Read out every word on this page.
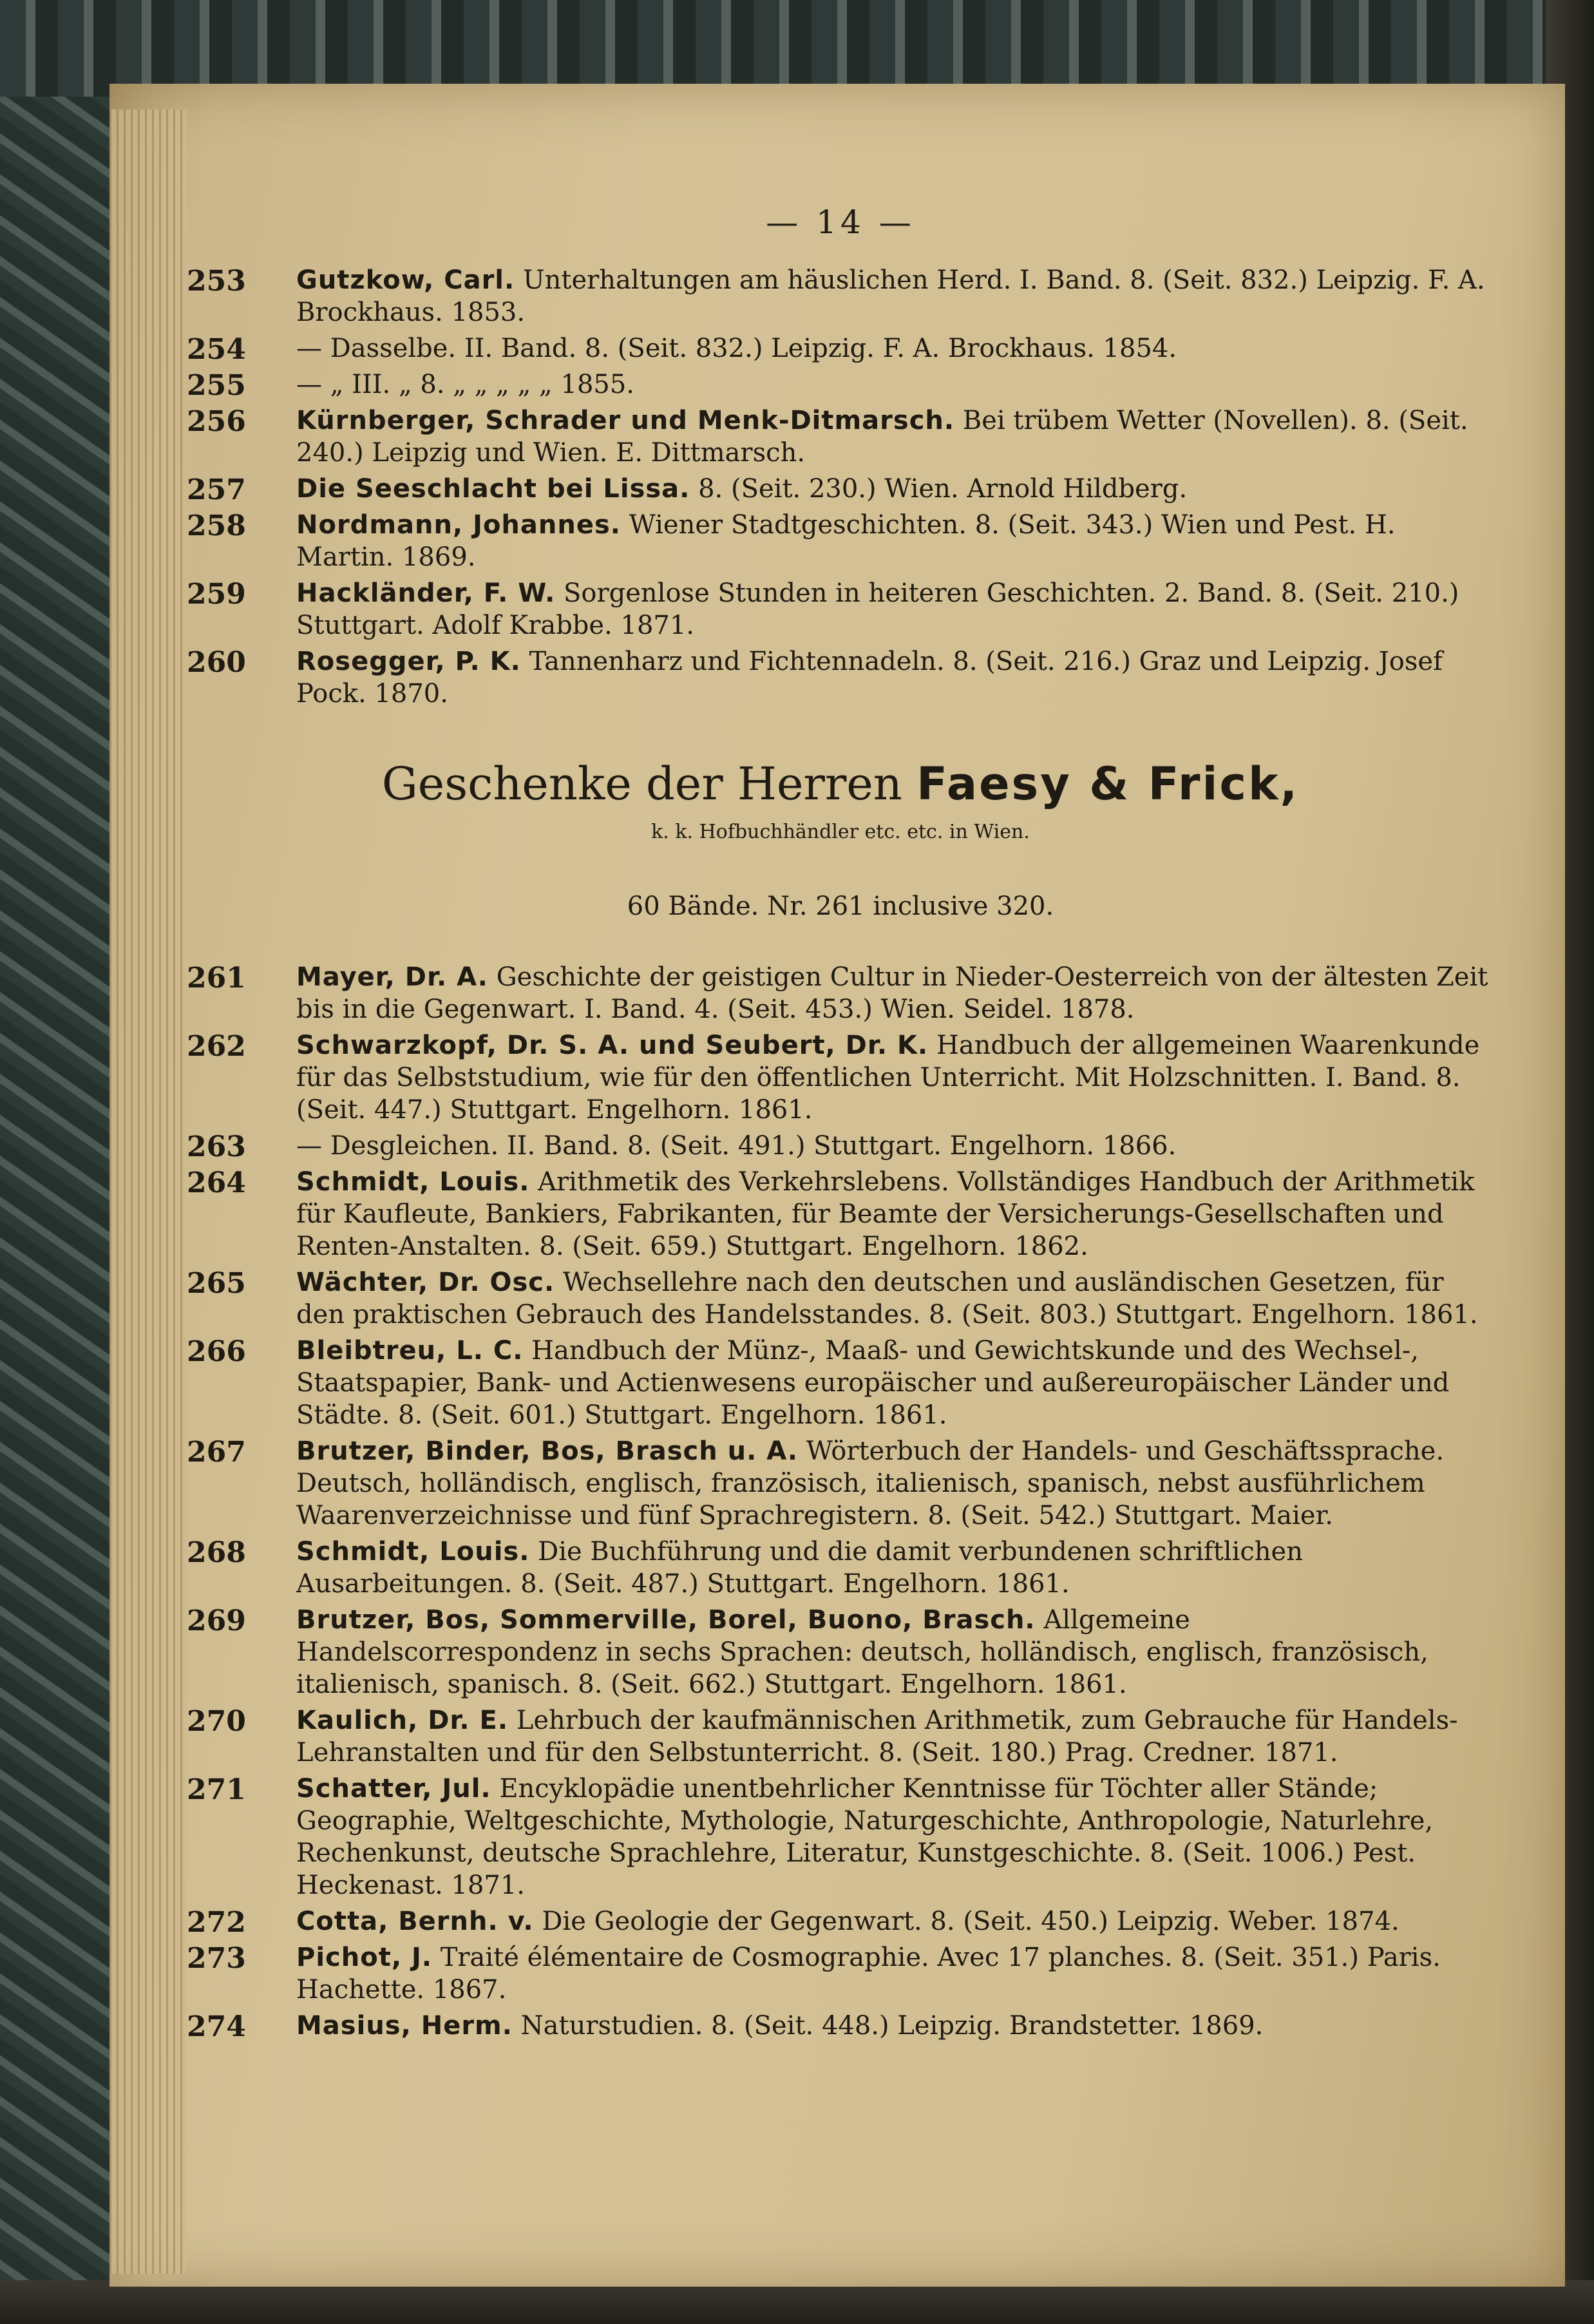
— 14 —
253	Gutzkow, Carl. Unterhaltungen am häuslichen Herd. I. Band. 8. (Seit. 832.) Leipzig. F. A. Brockhaus. 1853.
254	— Dasselbe. II. Band. 8. (Seit. 832.) Leipzig. F. A. Brockhaus. 1854.
255	— „ III. „ 8. „ „ „ „ „ 1855.
256	Kürnberger, Schrader und Menk-Ditmarsch. Bei trübem Wetter (Novellen). 8. (Seit. 240.) Leipzig und Wien. E. Dittmarsch.
257	Die Seeschlacht bei Lissa. 8. (Seit. 230.) Wien. Arnold Hildberg.
258	Nordmann, Johannes. Wiener Stadtgeschichten. 8. (Seit. 343.) Wien und Pest. H. Martin. 1869.
259	Hackländer, F. W. Sorgenlose Stunden in heiteren Geschichten. 2. Band. 8. (Seit. 210.) Stuttgart. Adolf Krabbe. 1871.
260	Rosegger, P. K. Tannenharz und Fichtennadeln. 8. (Seit. 216.) Graz und Leipzig. Josef Pock. 1870.
Geschenke der Herren Faesy & Frick,
k. k. Hofbuchhändler etc. etc. in Wien.
60 Bände. Nr. 261 inclusive 320.
261	Mayer, Dr. A. Geschichte der geistigen Cultur in Nieder-Oesterreich von der ältesten Zeit bis in die Gegenwart. I. Band. 4. (Seit. 453.) Wien. Seidel. 1878.
262	Schwarzkopf, Dr. S. A. und Seubert, Dr. K. Handbuch der allgemeinen Waarenkunde für das Selbststudium, wie für den öffentlichen Unterricht. Mit Holzschnitten. I. Band. 8. (Seit. 447.) Stuttgart. Engelhorn. 1861.
263	— Desgleichen. II. Band. 8. (Seit. 491.) Stuttgart. Engelhorn. 1866.
264	Schmidt, Louis. Arithmetik des Verkehrslebens. Vollständiges Handbuch der Arithmetik für Kaufleute, Bankiers, Fabrikanten, für Beamte der Versicherungs-Gesellschaften und Renten-Anstalten. 8. (Seit. 659.) Stuttgart. Engelhorn. 1862.
265	Wächter, Dr. Osc. Wechsellehre nach den deutschen und ausländischen Gesetzen, für den praktischen Gebrauch des Handelsstandes. 8. (Seit. 803.) Stuttgart. Engelhorn. 1861.
266	Bleibtreu, L. C. Handbuch der Münz-, Maaß- und Gewichtskunde und des Wechsel-, Staatspapier, Bank- und Actienwesens europäischer und außereuropäischer Länder und Städte. 8. (Seit. 601.) Stuttgart. Engelhorn. 1861.
267	Brutzer, Binder, Bos, Brasch u. A. Wörterbuch der Handels- und Geschäftssprache. Deutsch, holländisch, englisch, französisch, italienisch, spanisch, nebst ausführlichem Waarenverzeichnisse und fünf Sprachregistern. 8. (Seit. 542.) Stuttgart. Maier.
268	Schmidt, Louis. Die Buchführung und die damit verbundenen schriftlichen Ausarbeitungen. 8. (Seit. 487.) Stuttgart. Engelhorn. 1861.
269	Brutzer, Bos, Sommerville, Borel, Buono, Brasch. Allgemeine Handelscorrespondenz in sechs Sprachen: deutsch, holländisch, englisch, französisch, italienisch, spanisch. 8. (Seit. 662.) Stuttgart. Engelhorn. 1861.
270	Kaulich, Dr. E. Lehrbuch der kaufmännischen Arithmetik, zum Gebrauche für Handels-Lehranstalten und für den Selbstunterricht. 8. (Seit. 180.) Prag. Credner. 1871.
271	Schatter, Jul. Encyklopädie unentbehrlicher Kenntnisse für Töchter aller Stände; Geographie, Weltgeschichte, Mythologie, Naturgeschichte, Anthropologie, Naturlehre, Rechenkunst, deutsche Sprachlehre, Literatur, Kunstgeschichte. 8. (Seit. 1006.) Pest. Heckenast. 1871.
272	Cotta, Bernh. v. Die Geologie der Gegenwart. 8. (Seit. 450.) Leipzig. Weber. 1874.
273	Pichot, J. Traité élémentaire de Cosmographie. Avec 17 planches. 8. (Seit. 351.) Paris. Hachette. 1867.
274	Masius, Herm. Naturstudien. 8. (Seit. 448.) Leipzig. Brandstetter. 1869.
